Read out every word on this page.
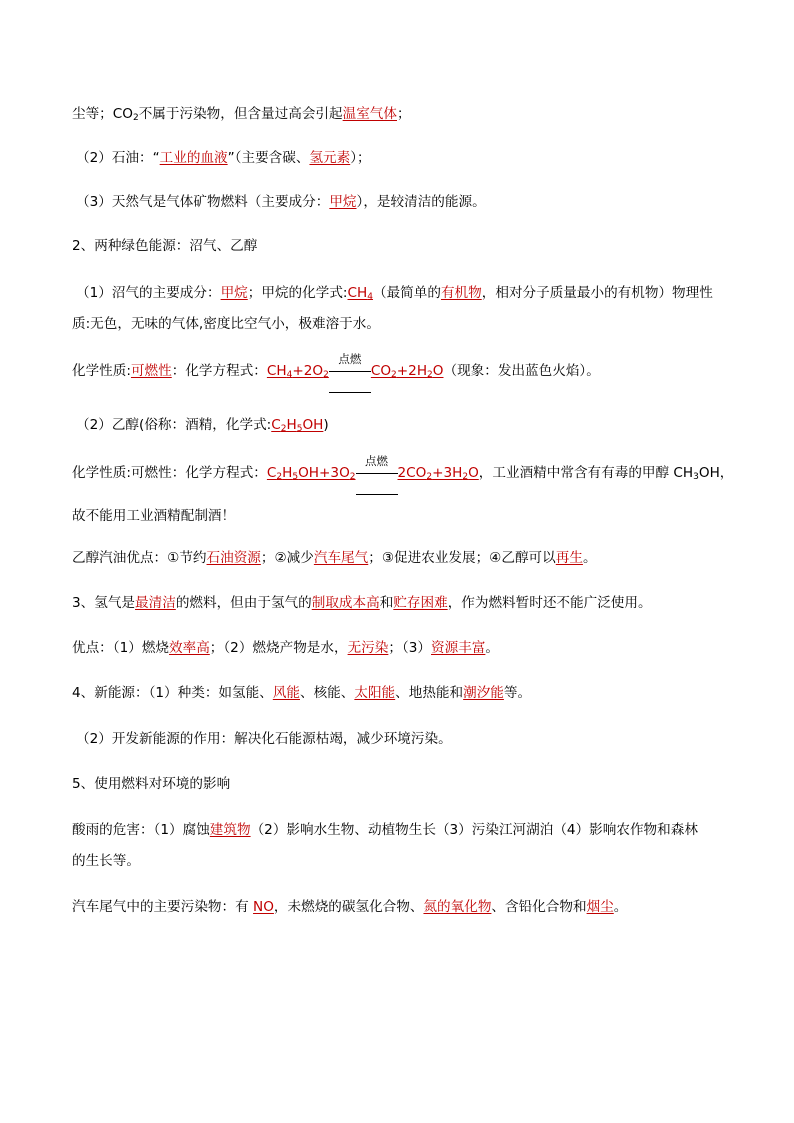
尘等；$CO_2$不属于污染物，但含量过高会引起温室气体；
（2）石油：“工业的血液”（主要含碳、氢元素）；
（3）天然气是气体矿物燃料（主要成分：甲烷），是较清洁的能源。
2、两种绿色能源：沼气、乙醇
（1）沼气的主要成分：甲烷；甲烷的化学式$:CH_4$（最简单的有机物，相对分子质量最小的有机物）物理性
质:无色，无味的气体,密度比空气小，极难溶于水。
化学性质:可燃性：化学方程式：$CH_4+2O_2$
点燃
$CO_2+2H_2O$（现象：发出蓝色火焰）。
（2）乙醇(俗称：酒精，化学式$:C_2H_5OH$)
化学性质:可燃性：化学方程式：$C_2H_5OH+3O_2$
点燃
$2CO_2+3H_2O$，工业酒精中常含有有毒的甲醇 $CH_3OH$，
故不能用工业酒精配制酒！
乙醇汽油优点：①节约石油资源；②减少汽车尾气；③促进农业发展；④乙醇可以再生。
3、氢气是最清洁的燃料，但由于氢气的制取成本高和贮存困难，作为燃料暂时还不能广泛使用。
优点：（1）燃烧效率高；（2）燃烧产物是水，无污染；（3）资源丰富。
4、新能源：（1）种类：如氢能、风能、核能、太阳能、地热能和潮汐能等。
（2）开发新能源的作用：解决化石能源枯竭，减少环境污染。
5、使用燃料对环境的影响
酸雨的危害：（1）腐蚀建筑物（2）影响水生物、动植物生长（3）污染江河湖泊（4）影响农作物和森林
的生长等。
汽车尾气中的主要污染物：有 NO，未燃烧的碳氢化合物、氮的氧化物、含铅化合物和烟尘。
